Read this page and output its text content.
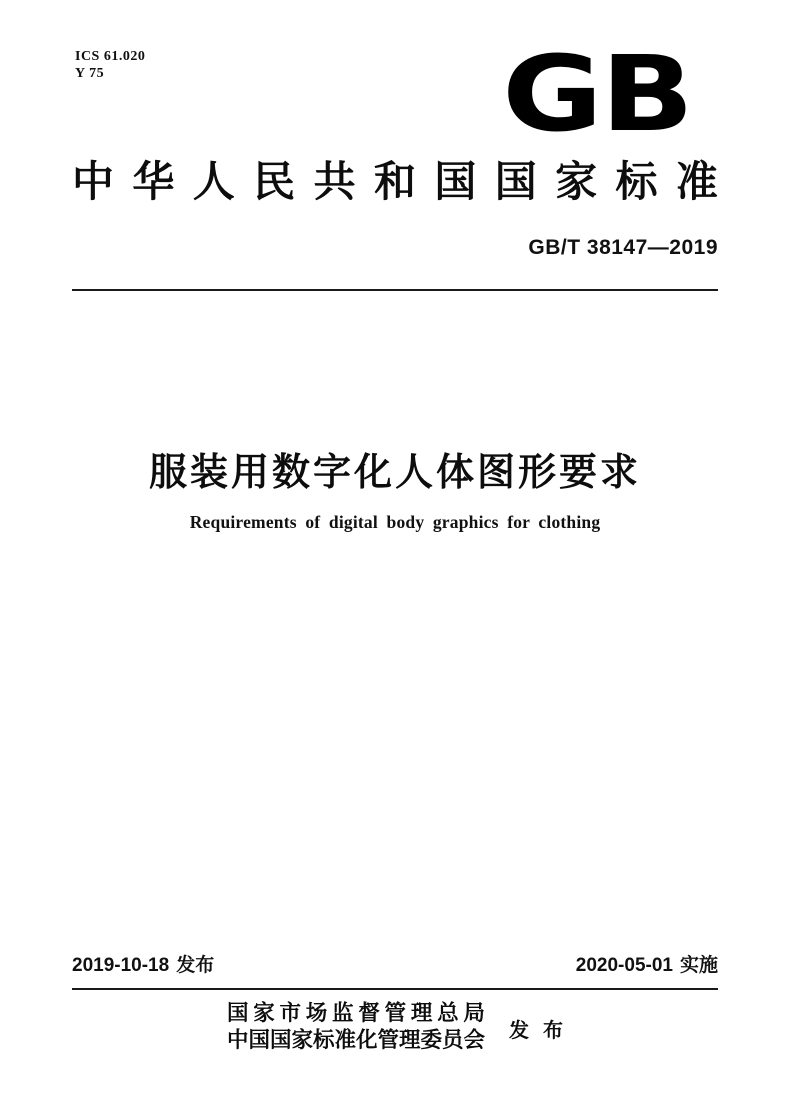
ICS 61.020
Y 75	GB
中 华 人 民 共 和 国 国 家 标 准
GB/T 38147—2019
服装用数字化人体图形要求
Requirements of digital body graphics for clothing
2019-10-18 发布	2020-05-01 实施
国 家 市 场 监 督 管 理 总 局
中国国家标准化管理委员会 发 布
